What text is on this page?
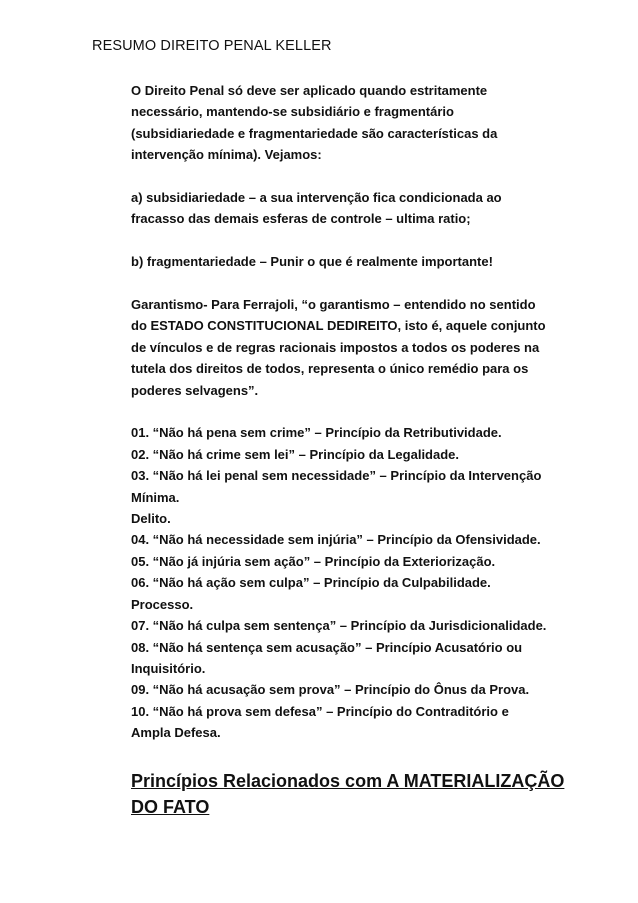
RESUMO DIREITO PENAL KELLER
O Direito Penal só deve ser aplicado quando estritamente
necessário, mantendo-se subsidiário e fragmentário
(subsidiariedade e fragmentariedade são características da
intervenção mínima). Vejamos:
a) subsidiariedade – a sua intervenção fica condicionada ao
fracasso das demais esferas de controle – ultima ratio;
b) fragmentariedade – Punir o que é realmente importante!
Garantismo- Para Ferrajoli, “o garantismo – entendido no sentido
do ESTADO CONSTITUCIONAL DEDIREITO, isto é, aquele conjunto
de vínculos e de regras racionais impostos a todos os poderes na
tutela dos direitos de todos, representa o único remédio para os
poderes selvagens”.
01. “Não há pena sem crime” – Princípio da Retributividade.
02. “Não há crime sem lei” – Princípio da Legalidade.
03. “Não há lei penal sem necessidade” – Princípio da Intervenção
Mínima.
Delito.
04. “Não há necessidade sem injúria” – Princípio da Ofensividade.
05. “Não já injúria sem ação” – Princípio da Exteriorização.
06. “Não há ação sem culpa” – Princípio da Culpabilidade.
Processo.
07. “Não há culpa sem sentença” – Princípio da Jurisdicionalidade.
08. “Não há sentença sem acusação” – Princípio Acusatório ou
Inquisitório.
09. “Não há acusação sem prova” – Princípio do Ônus da Prova.
10. “Não há prova sem defesa” – Princípio do Contraditório e
Ampla Defesa.
Princípios Relacionados com A MATERIALIZAÇÃO
DO FATO
